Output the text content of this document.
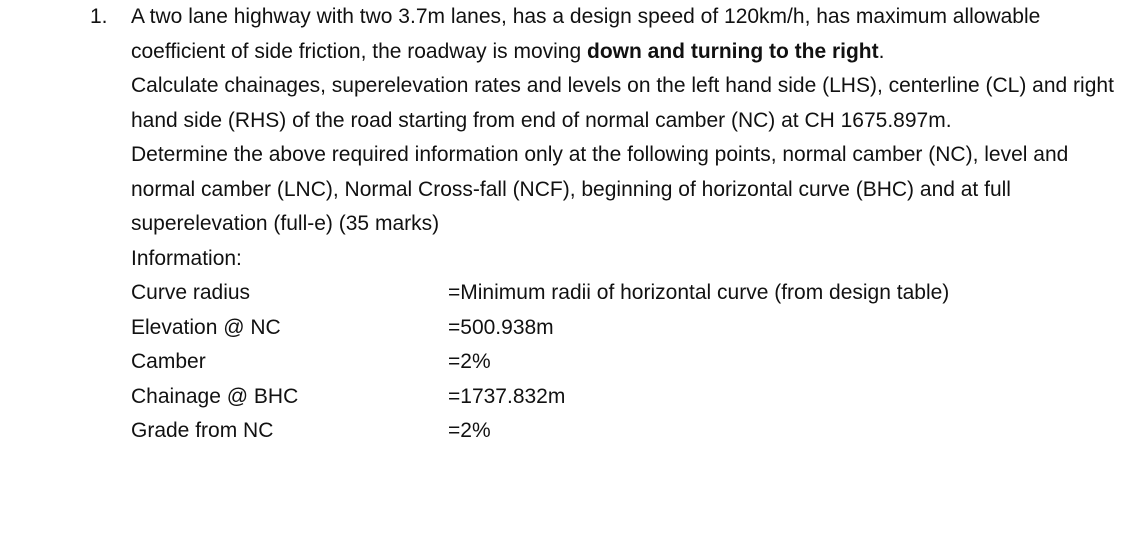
1. A two lane highway with two 3.7m lanes, has a design speed of 120km/h, has maximum allowable coefficient of side friction, the roadway is moving down and turning to the right.

Calculate chainages, superelevation rates and levels on the left hand side (LHS), centerline (CL) and right hand side (RHS) of the road starting from end of normal camber (NC) at CH 1675.897m.

Determine the above required information only at the following points, normal camber (NC), level and normal camber (LNC), Normal Cross-fall (NCF), beginning of horizontal curve (BHC) and at full superelevation (full-e) (35 marks)

Information:

Curve radius	=Minimum radii of horizontal curve (from design table)
Elevation @ NC	=500.938m
Camber	=2%
Chainage @ BHC	=1737.832m
Grade from NC	=2%
